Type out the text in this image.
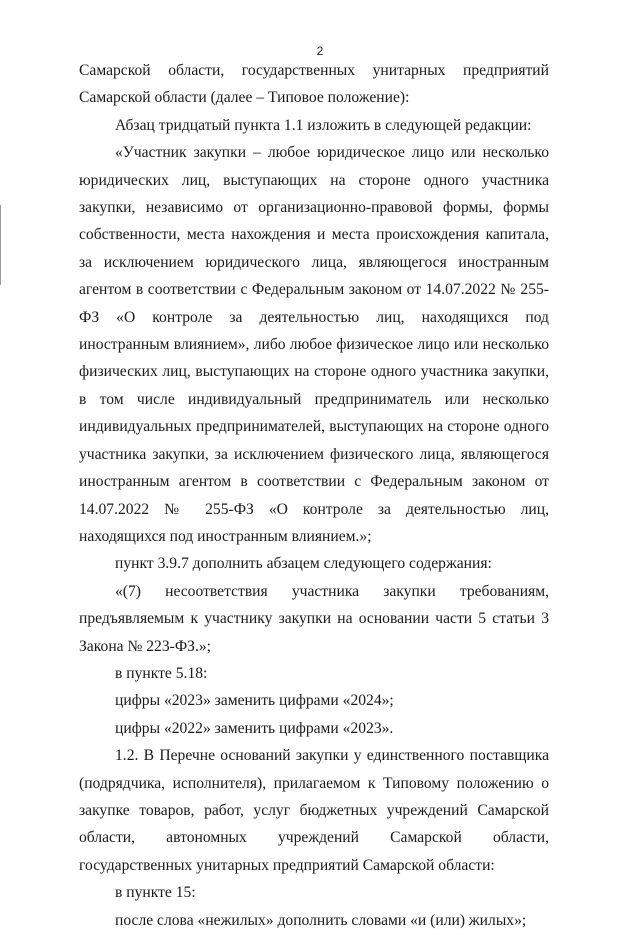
2

Самарской области, государственных унитарных предприятий Самарской области (далее – Типовое положение):

Абзац тридцатый пункта 1.1 изложить в следующей редакции:

«Участник закупки – любое юридическое лицо или несколько юридических лиц, выступающих на стороне одного участника закупки, независимо от организационно-правовой формы, формы собственности, места нахождения и места происхождения капитала, за исключением юридического лица, являющегося иностранным агентом в соответствии с Федеральным законом от 14.07.2022 № 255-ФЗ «О контроле за деятельностью лиц, находящихся под иностранным влиянием», либо любое физическое лицо или несколько физических лиц, выступающих на стороне одного участника закупки, в том числе индивидуальный предприниматель или несколько индивидуальных предпринимателей, выступающих на стороне одного участника закупки, за исключением физического лица, являющегося иностранным агентом в соответствии с Федеральным законом от 14.07.2022 № 255-ФЗ «О контроле за деятельностью лиц, находящихся под иностранным влиянием.»;

пункт 3.9.7 дополнить абзацем следующего содержания:

«(7) несоответствия участника закупки требованиям, предъявляемым к участнику закупки на основании части 5 статьи 3 Закона № 223-ФЗ.»;

в пункте 5.18:

цифры «2023» заменить цифрами «2024»;

цифры «2022» заменить цифрами «2023».

1.2. В Перечне оснований закупки у единственного поставщика (подрядчика, исполнителя), прилагаемом к Типовому положению о закупке товаров, работ, услуг бюджетных учреждений Самарской области, автономных учреждений Самарской области, государственных унитарных предприятий Самарской области:

в пункте 15:

после слова «нежилых» дополнить словами «и (или) жилых»;
